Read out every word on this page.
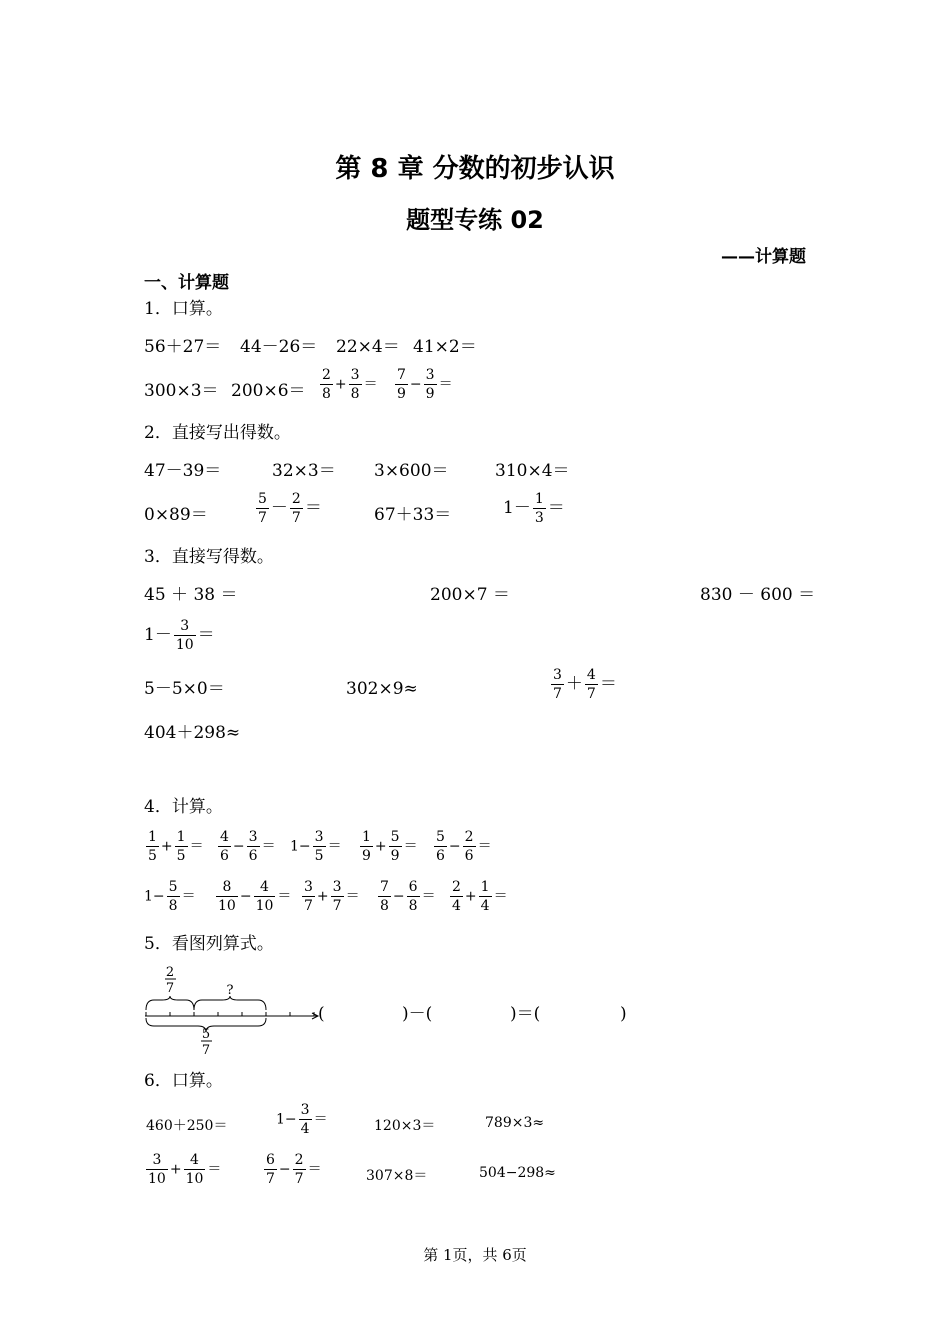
第 8 章 分数的初步认识
题型专练 02
——计算题
一、计算题
1．口算。
56＋27＝ 44－26＝ 22×4＝ 41×2＝
$300\times 3= 200\times 6= \frac{2}{8} + \frac{3}{8} = \frac{7}{9} - \frac{3}{9}$ ＝
2．直接写出得数。
47－39＝	32×3＝ 3×600＝	310×4＝
0×89＝	$\frac{5}{7} - \frac{2}{7}$ ＝	67＋33＝	$1- \frac{1}{3}$ ＝
3．直接写得数。
45 ＋ 38 ＝	200×7 ＝	830 － 600 ＝
$1- \frac{3}{10}$ ＝
5－5×0＝	302×9≈	$\frac{3}{7} + \frac{4}{7}$ ＝
404＋298≈
4．计算。
$\frac{1}{5} + \frac{1}{5} = \frac{4}{6} - \frac{3}{6} = 1- \frac{3}{5} = \frac{1}{9} + \frac{5}{9} = \frac{5}{6} - \frac{2}{6}$ ＝
$1- \frac{5}{8} = \frac{8}{10} - \frac{4}{10} = \frac{3}{7} + \frac{3}{7} = \frac{7}{8} - \frac{6}{8} = \frac{2}{4} + \frac{1}{4}$ ＝
5．看图列算式。
2
7	?
5
7
(	)－(	)＝(	)
6．口算。
460＋250＝	$1- \frac{3}{4}$ ＝	120×3＝	789×3≈
$\frac{3}{10} + \frac{4}{10}$ ＝	$\frac{6}{7} - \frac{2}{7}$ ＝	307×8＝	504−298≈
第 1页，共 6页
